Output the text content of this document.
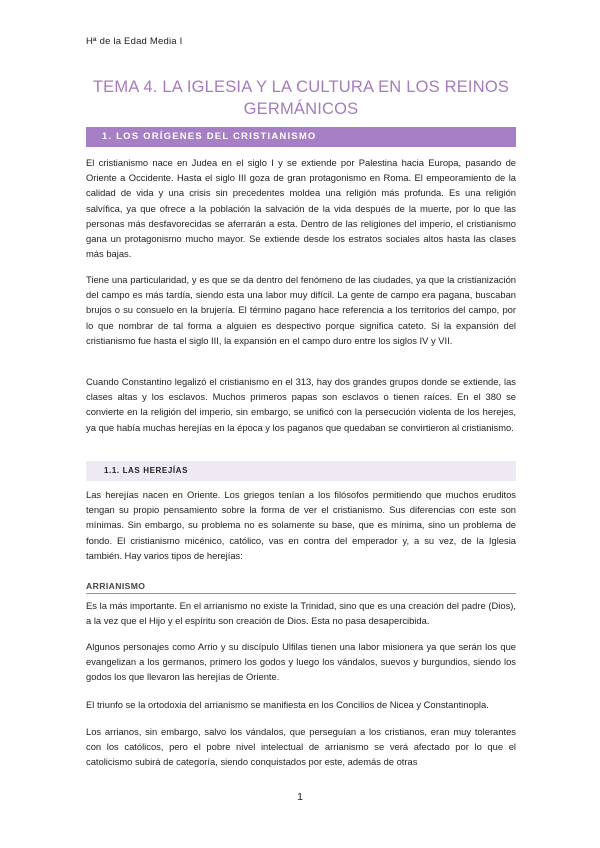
Hª de la Edad Media I
TEMA 4. LA IGLESIA Y LA CULTURA EN LOS REINOS GERMÁNICOS
1. LOS ORÍGENES DEL CRISTIANISMO

El cristianismo nace en Judea en el siglo I y se extiende por Palestina hacia Europa, pasando de Oriente a Occidente. Hasta el siglo III goza de gran protagonismo en Roma. El empeoramiento de la calidad de vida y una crisis sin precedentes moldea una religión más profunda. Es una religión salvífica, ya que ofrece a la población la salvación de la vida después de la muerte, por lo que las personas más desfavorecidas se aferrarán a esta. Dentro de las religiones del imperio, el cristianismo gana un protagonismo mucho mayor. Se extiende desde los estratos sociales altos hasta las clases más bajas.

Tiene una particularidad, y es que se da dentro del fenómeno de las ciudades, ya que la cristianización del campo es más tardía, siendo esta una labor muy difícil. La gente de campo era pagana, buscaban brujos o su consuelo en la brujería. El término pagano hace referencia a los territorios del campo, por lo que nombrar de tal forma a alguien es despectivo porque significa cateto. Si la expansión del cristianismo fue hasta el siglo III, la expansión en el campo duro entre los siglos IV y VII.

Cuando Constantino legalizó el cristianismo en el 313, hay dos grandes grupos donde se extiende, las clases altas y los esclavos. Muchos primeros papas son esclavos o tienen raíces. En el 380 se convierte en la religión del imperio, sin embargo, se unificó con la persecución violenta de los herejes, ya que había muchas herejías en la época y los paganos que quedaban se convirtieron al cristianismo.

1.1. LAS HEREJÍAS

Las herejías nacen en Oriente. Los griegos tenían a los filósofos permitiendo que muchos eruditos tengan su propio pensamiento sobre la forma de ver el cristianismo. Sus diferencias con este son mínimas. Sin embargo, su problema no es solamente su base, que es mínima, sino un problema de fondo. El cristianismo micénico, católico, vas en contra del emperador y, a su vez, de la Iglesia también. Hay varios tipos de herejías:

ARRIANISMO

Es la más importante. En el arrianismo no existe la Trinidad, sino que es una creación del padre (Dios), a la vez que el Hijo y el espíritu son creación de Dios. Esta no pasa desapercibida.

Algunos personajes como Arrio y su discípulo Ulfilas tienen una labor misionera ya que serán los que evangelizan a los germanos, primero los godos y luego los vándalos, suevos y burgundios, siendo los godos los que llevaron las herejías de Oriente.

El triunfo se la ortodoxia del arrianismo se manifiesta en los Concilios de Nicea y Constantinopla.

Los arrianos, sin embargo, salvo los vándalos, que perseguían a los cristianos, eran muy tolerantes con los católicos, pero el pobre nivel intelectual de arrianismo se verá afectado por lo que el catolicismo subirá de categoría, siendo conquistados por este, además de otras

1
